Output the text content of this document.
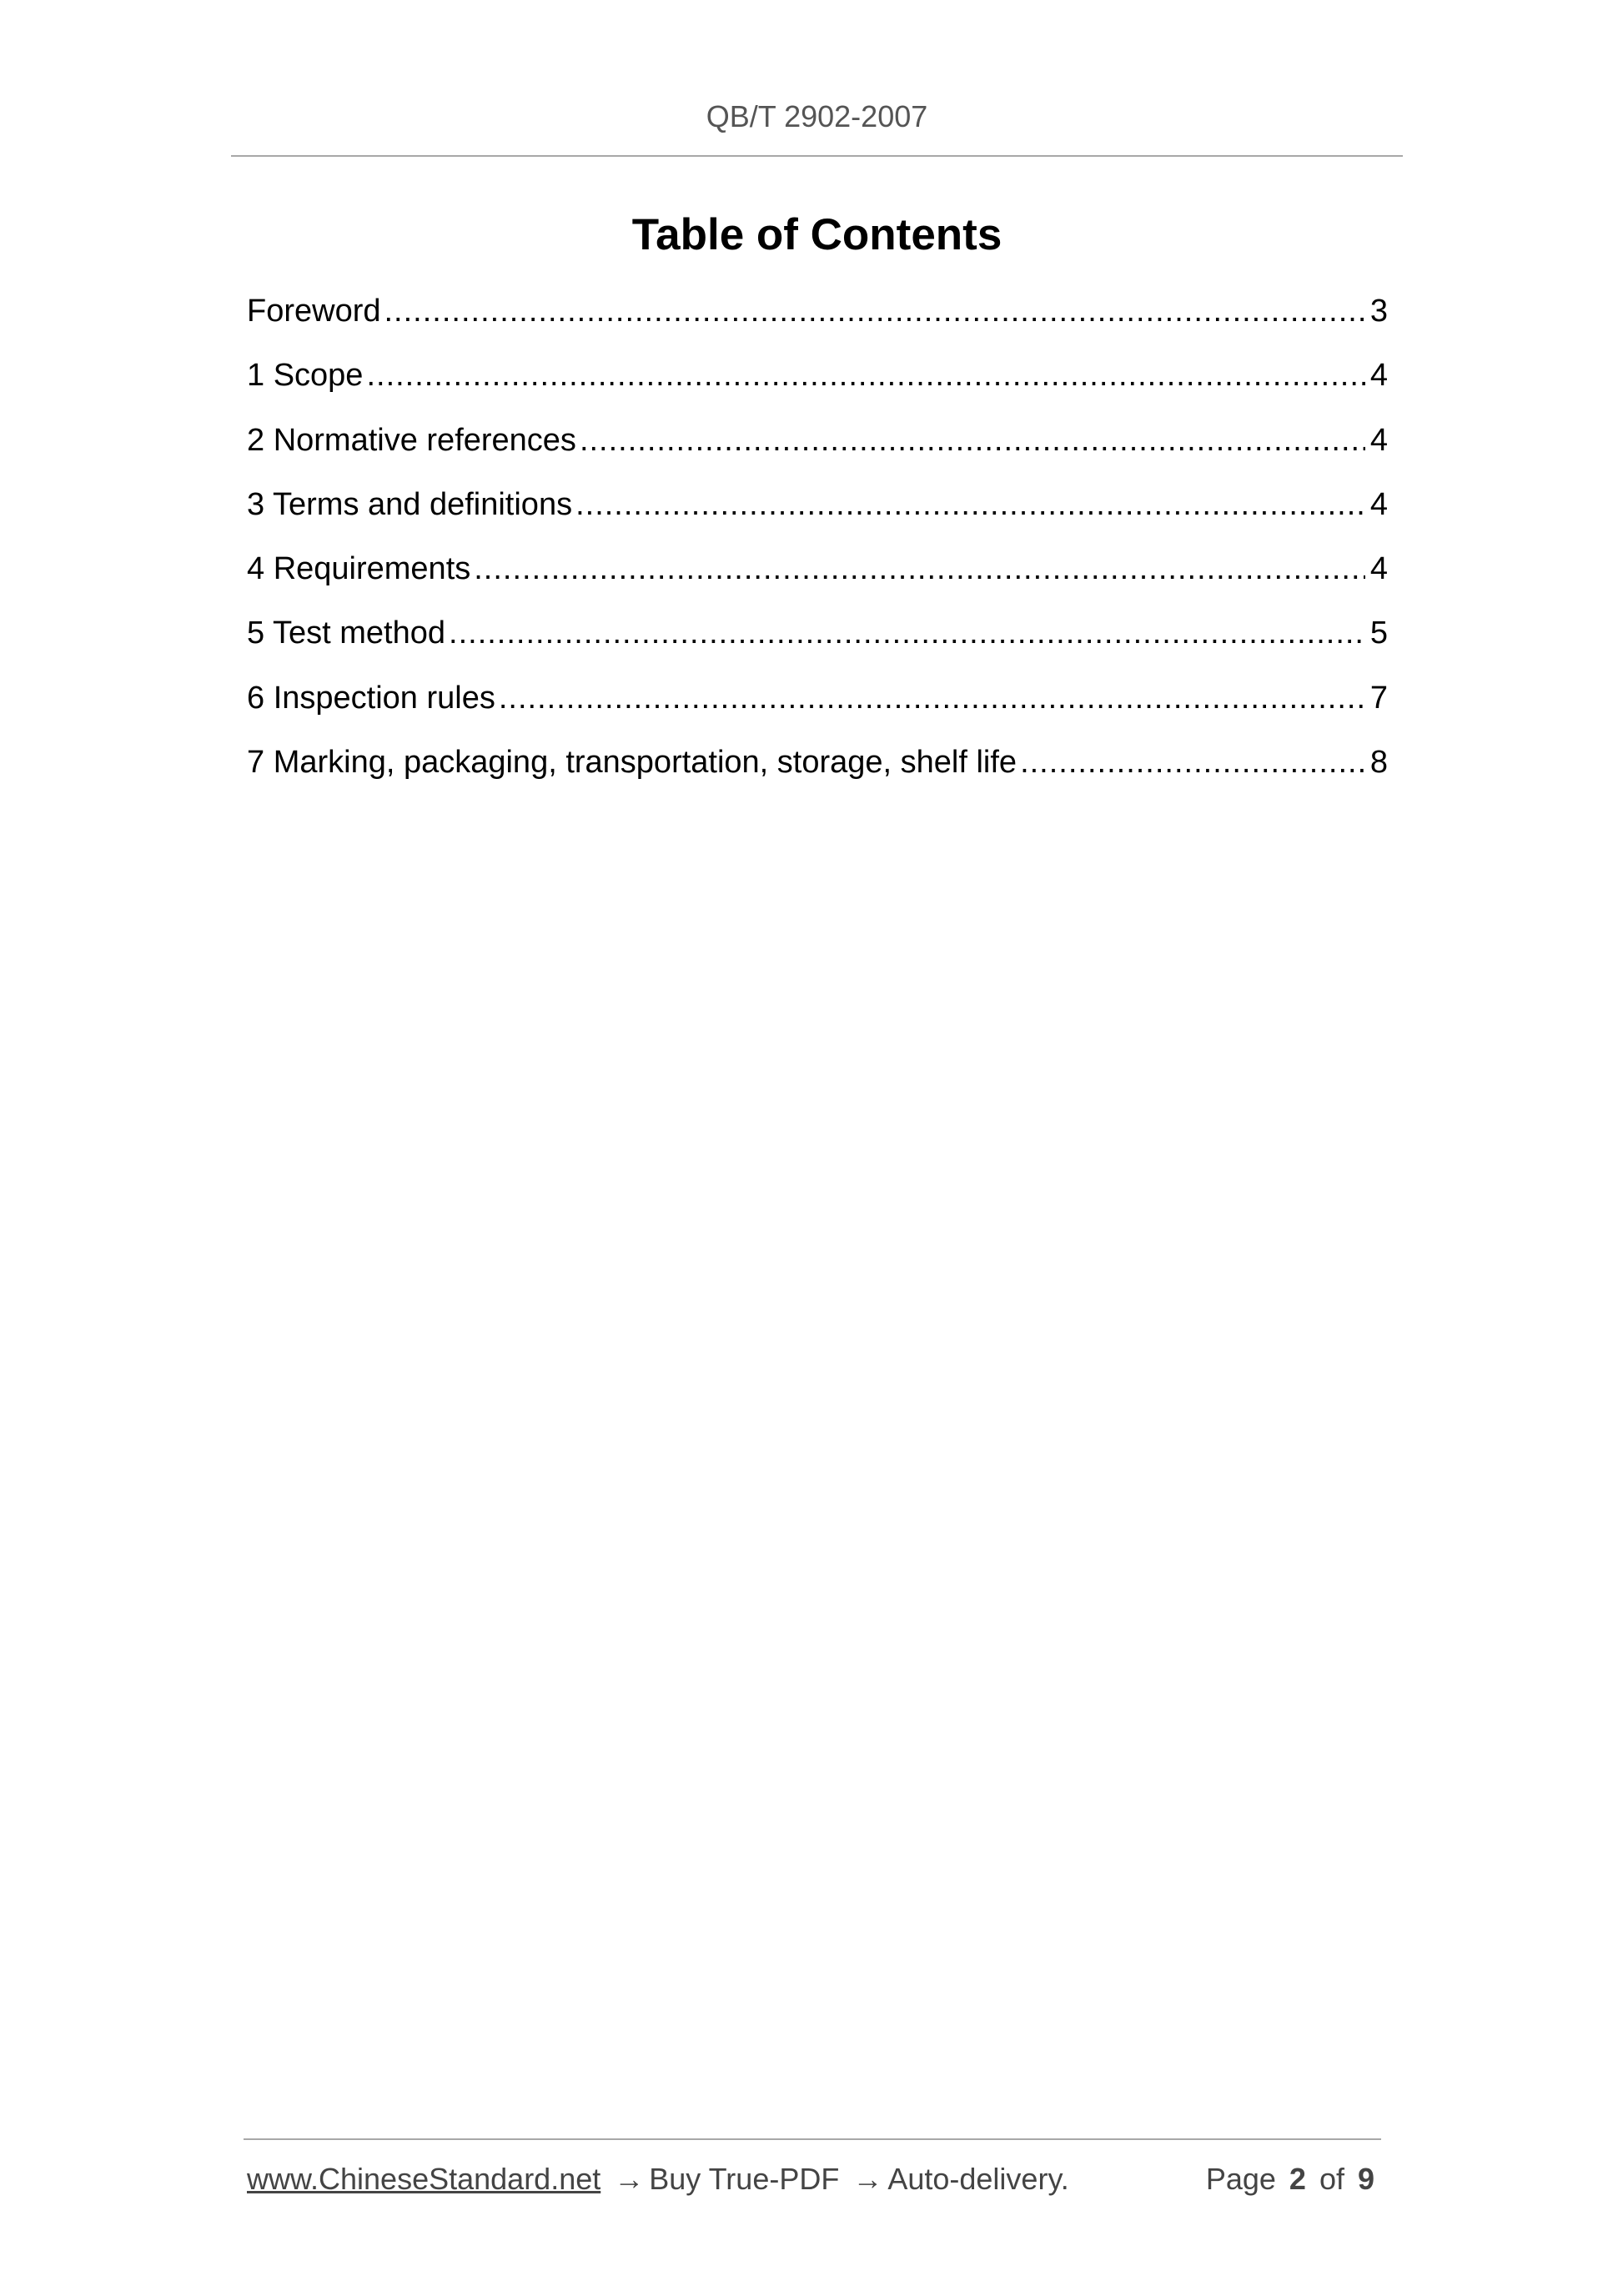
QB/T 2902-2007
Table of Contents
Foreword .....	3
1 Scope .....	4
2 Normative references .....	4
3 Terms and definitions .....	4
4 Requirements .....	4
5 Test method .....	5
6 Inspection rules .....	7
7 Marking, packaging, transportation, storage, shelf life .....	8
www.ChineseStandard.net → Buy True-PDF → Auto-delivery.	Page 2 of 9
